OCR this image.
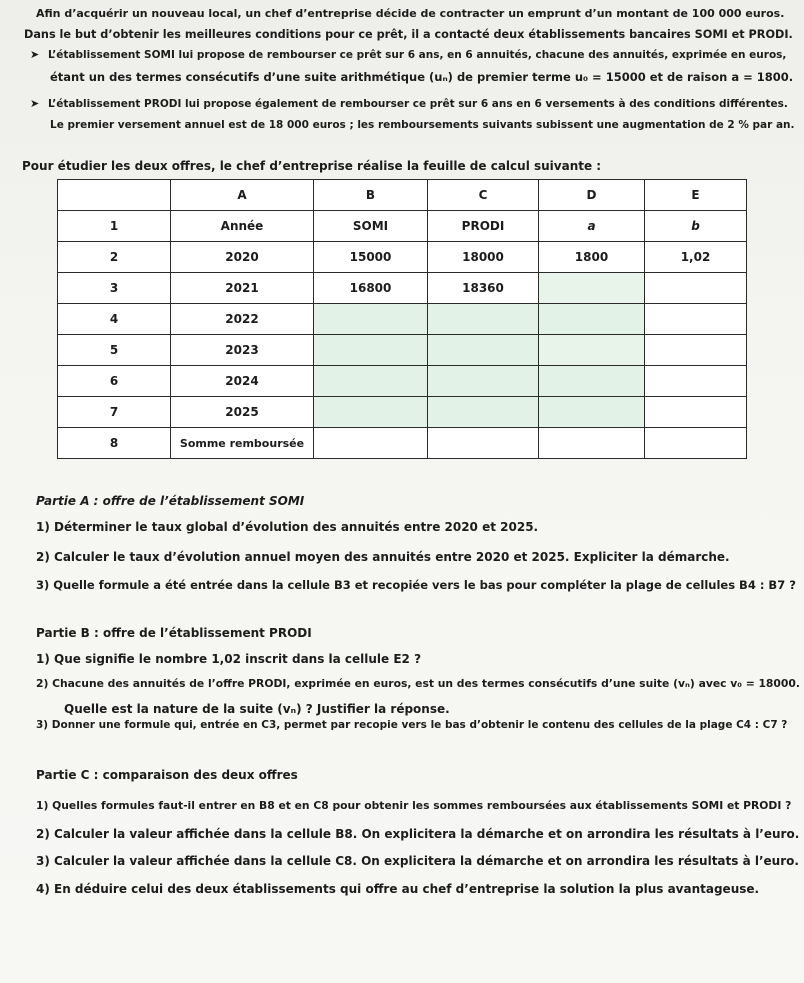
Afin d’acquérir un nouveau local, un chef d’entreprise décide de contracter un emprunt d’un montant de 100 000 euros.
Dans le but d’obtenir les meilleures conditions pour ce prêt, il a contacté deux établissements bancaires SOMI et PRODI.
➤ L’établissement SOMI lui propose de rembourser ce prêt sur 6 ans, en 6 annuités, chacune des annuités, exprimée en euros,
étant un des termes consécutifs d’une suite arithmétique (uₙ) de premier terme u₀ = 15000 et de raison a = 1800.
➤ L’établissement PRODI lui propose également de rembourser ce prêt sur 6 ans en 6 versements à des conditions différentes.
Le premier versement annuel est de 18 000 euros ; les remboursements suivants subissent une augmentation de 2 % par an.
Pour étudier les deux offres, le chef d’entreprise réalise la feuille de calcul suivante :
	A	B	C	D	E
1	Année	SOMI	PRODI	a	b
2	2020	15000	18000	1800	1,02
3	2021	16800	18360		
4	2022				
5	2023				
6	2024				
7	2025				
8	Somme remboursée				
Partie A : offre de l’établissement SOMI
1) Déterminer le taux global d’évolution des annuités entre 2020 et 2025.
2) Calculer le taux d’évolution annuel moyen des annuités entre 2020 et 2025. Expliciter la démarche.
3) Quelle formule a été entrée dans la cellule B3 et recopiée vers le bas pour compléter la plage de cellules B4 : B7 ?
Partie B : offre de l’établissement PRODI
1) Que signifie le nombre 1,02 inscrit dans la cellule E2 ?
2) Chacune des annuités de l’offre PRODI, exprimée en euros, est un des termes consécutifs d’une suite (vₙ) avec v₀ = 18000.
Quelle est la nature de la suite (vₙ) ? Justifier la réponse.
3) Donner une formule qui, entrée en C3, permet par recopie vers le bas d’obtenir le contenu des cellules de la plage C4 : C7 ?
Partie C : comparaison des deux offres
1) Quelles formules faut-il entrer en B8 et en C8 pour obtenir les sommes remboursées aux établissements SOMI et PRODI ?
2) Calculer la valeur affichée dans la cellule B8. On explicitera la démarche et on arrondira les résultats à l’euro.
3) Calculer la valeur affichée dans la cellule C8. On explicitera la démarche et on arrondira les résultats à l’euro.
4) En déduire celui des deux établissements qui offre au chef d’entreprise la solution la plus avantageuse.
